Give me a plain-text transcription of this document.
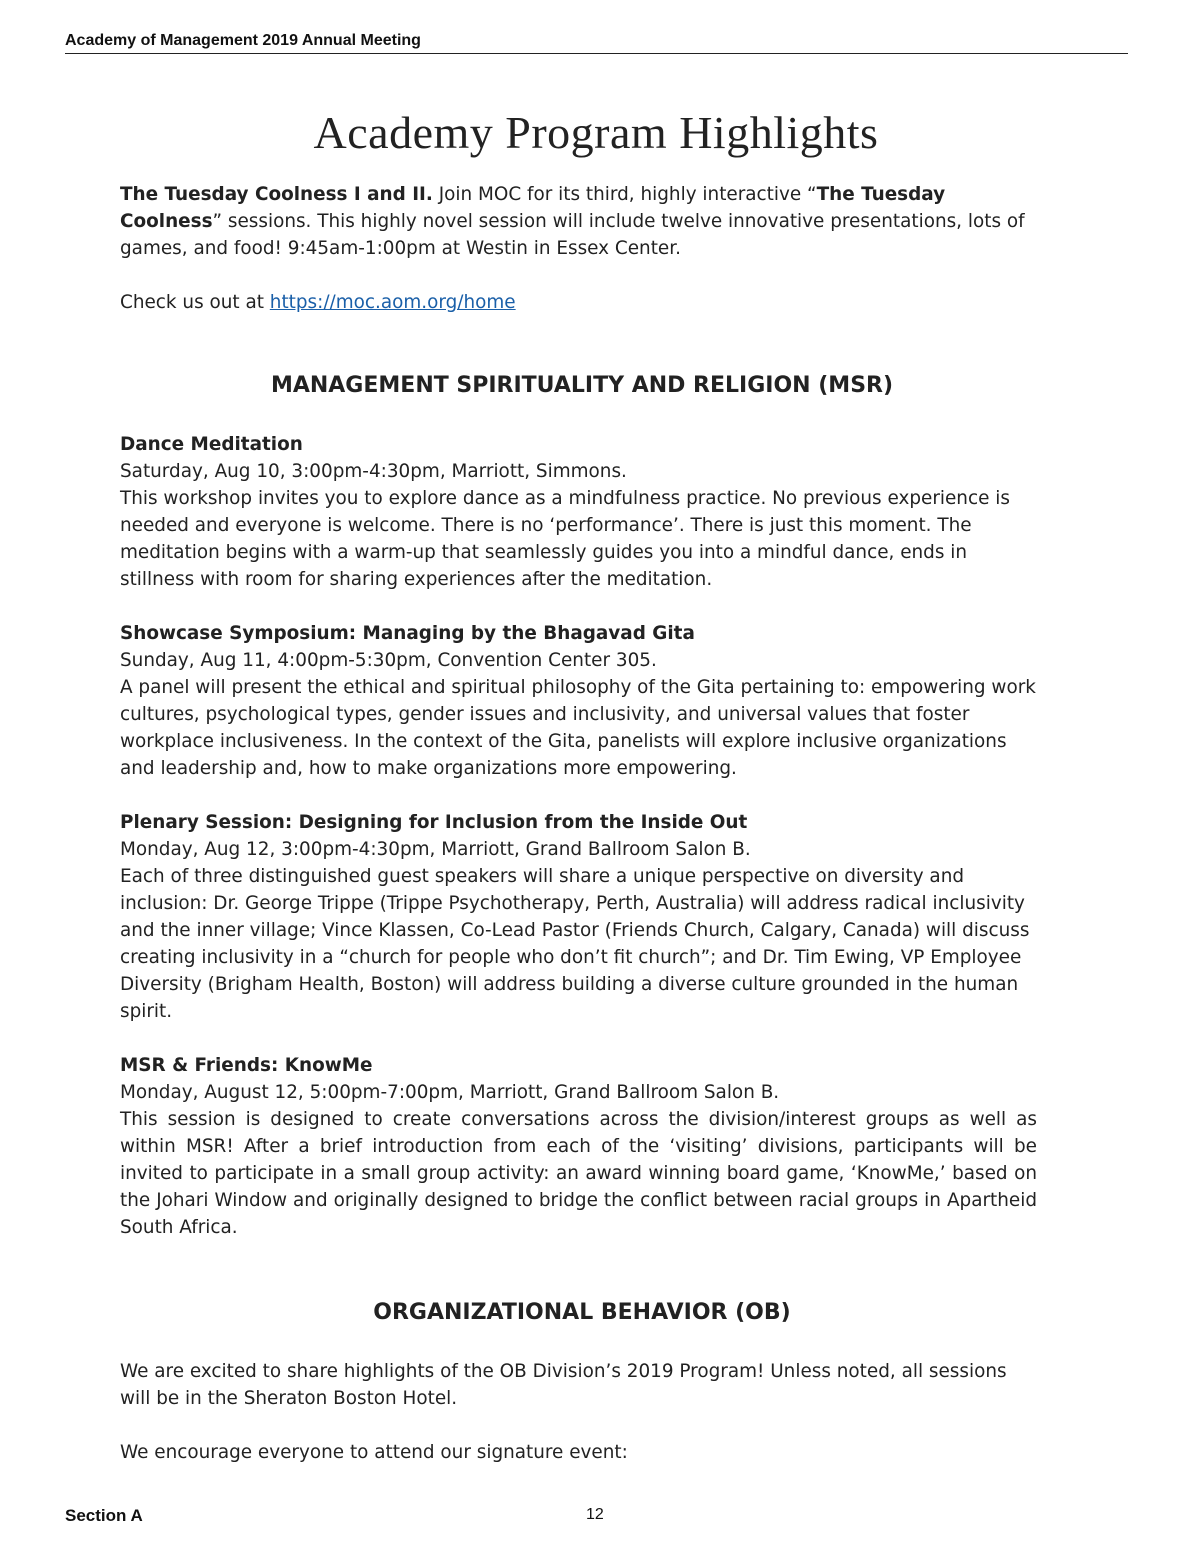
Academy of Management 2019 Annual Meeting
Academy Program Highlights

The Tuesday Coolness I and II. Join MOC for its third, highly interactive “The Tuesday Coolness” sessions. This highly novel session will include twelve innovative presentations, lots of games, and food! 9:45am-1:00pm at Westin in Essex Center.

Check us out at https://moc.aom.org/home

MANAGEMENT SPIRITUALITY AND RELIGION (MSR)

Dance Meditation

Saturday, Aug 10, 3:00pm-4:30pm, Marriott, Simmons.

This workshop invites you to explore dance as a mindfulness practice. No previous experience is needed and everyone is welcome. There is no ‘performance’. There is just this moment. The meditation begins with a warm-up that seamlessly guides you into a mindful dance, ends in stillness with room for sharing experiences after the meditation.

Showcase Symposium: Managing by the Bhagavad Gita

Sunday, Aug 11, 4:00pm-5:30pm, Convention Center 305.

A panel will present the ethical and spiritual philosophy of the Gita pertaining to: empowering work cultures, psychological types, gender issues and inclusivity, and universal values that foster workplace inclusiveness. In the context of the Gita, panelists will explore inclusive organizations and leadership and, how to make organizations more empowering.

Plenary Session: Designing for Inclusion from the Inside Out

Monday, Aug 12, 3:00pm-4:30pm, Marriott, Grand Ballroom Salon B.

Each of three distinguished guest speakers will share a unique perspective on diversity and inclusion: Dr. George Trippe (Trippe Psychotherapy, Perth, Australia) will address radical inclusivity and the inner village; Vince Klassen, Co-Lead Pastor (Friends Church, Calgary, Canada) will discuss creating inclusivity in a “church for people who don’t fit church”; and Dr. Tim Ewing, VP Employee Diversity (Brigham Health, Boston) will address building a diverse culture grounded in the human spirit.

MSR & Friends: KnowMe

Monday, August 12, 5:00pm-7:00pm, Marriott, Grand Ballroom Salon B.

This session is designed to create conversations across the division/interest groups as well as within MSR! After a brief introduction from each of the ‘visiting’ divisions, participants will be invited to participate in a small group activity: an award winning board game, ‘KnowMe,’ based on the Johari Window and originally designed to bridge the conflict between racial groups in Apartheid South Africa.

ORGANIZATIONAL BEHAVIOR (OB)

We are excited to share highlights of the OB Division’s 2019 Program! Unless noted, all sessions will be in the Sheraton Boston Hotel.

We encourage everyone to attend our signature event:

Section A	12
